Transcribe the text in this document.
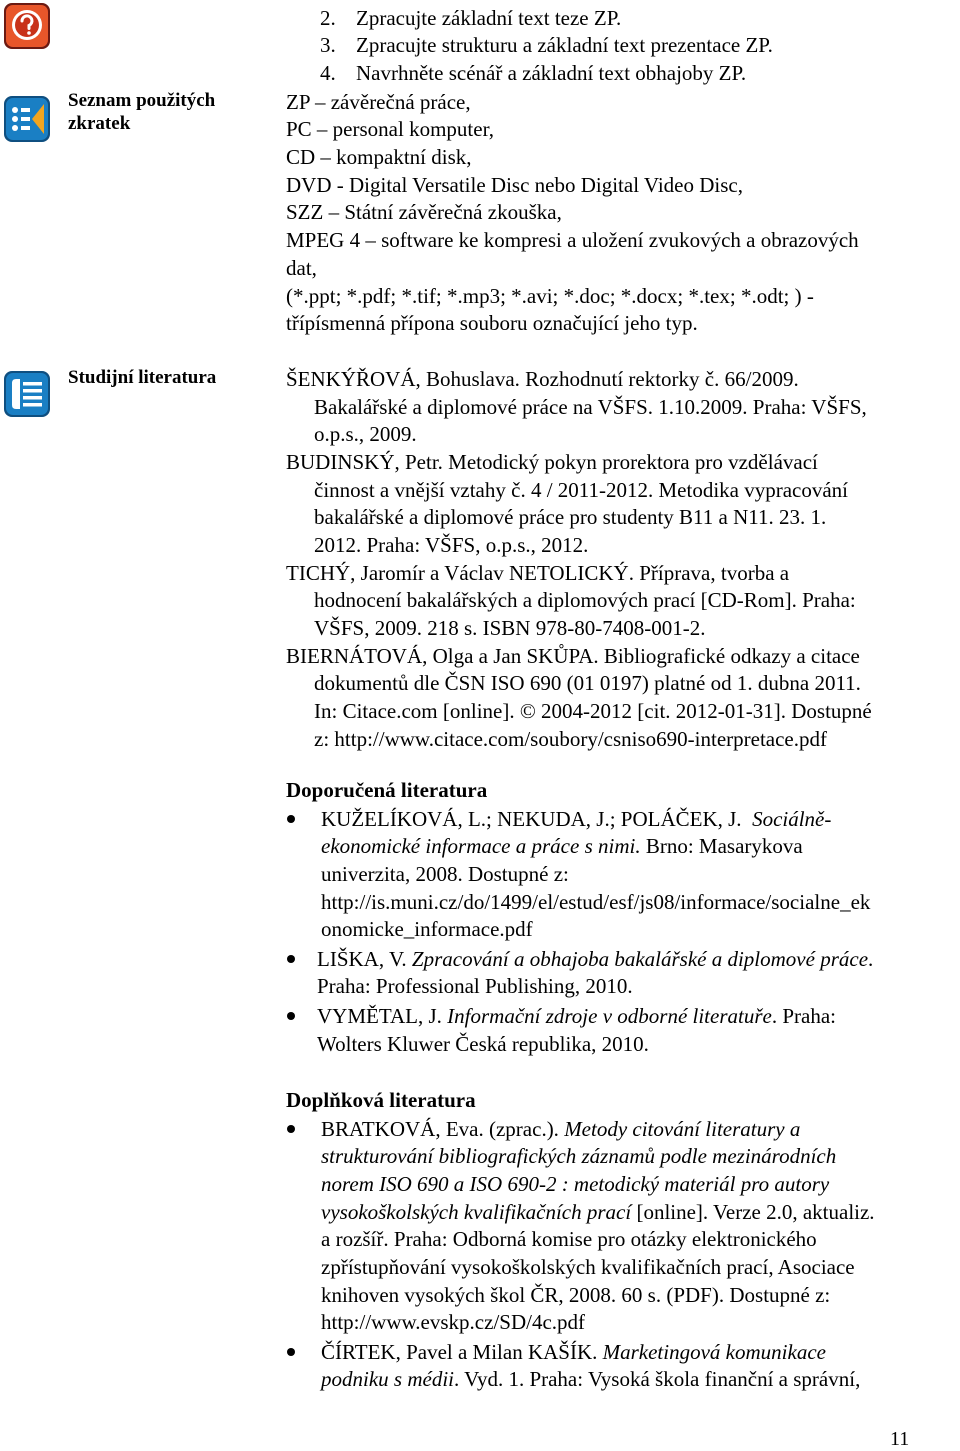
2. Zpracujte základní text teze ZP.
3. Zpracujte strukturu a základní text prezentace ZP.
4. Navrhněte scénář a základní text obhajoby ZP.
Seznam použitých
zkratek
ZP – závěrečná práce,
PC – personal komputer,
CD – kompaktní disk,
DVD - Digital Versatile Disc nebo Digital Video Disc,
SZZ – Státní závěrečná zkouška,
MPEG 4 – software ke kompresi a uložení zvukových a obrazových
dat,
(*.ppt; *.pdf; *.tif; *.mp3; *.avi; *.doc; *.docx; *.tex; *.odt; ) -
třípísmenná přípona souboru označující jeho typ.
Studijní literatura	ŠENKÝŘOVÁ, Bohuslava. Rozhodnutí rektorky č. 66/2009.
Bakalářské a diplomové práce na VŠFS. 1.10.2009. Praha: VŠFS,
o.p.s., 2009.
BUDINSKÝ, Petr. Metodický pokyn prorektora pro vzdělávací
činnost a vnější vztahy č. 4 / 2011-2012. Metodika vypracování
bakalářské a diplomové práce pro studenty B11 a N11. 23. 1.
2012. Praha: VŠFS, o.p.s., 2012.
TICHÝ, Jaromír a Václav NETOLICKÝ. Příprava, tvorba a
hodnocení bakalářských a diplomových prací [CD-Rom]. Praha:
VŠFS, 2009. 218 s. ISBN 978-80-7408-001-2.
BIERNÁTOVÁ, Olga a Jan SKŮPA. Bibliografické odkazy a citace
dokumentů dle ČSN ISO 690 (01 0197) platné od 1. dubna 2011.
In: Citace.com [online]. © 2004-2012 [cit. 2012-01-31]. Dostupné
z: http://www.citace.com/soubory/csniso690-interpretace.pdf
Doporučená literatura
KUŽELÍKOVÁ, L.; NEKUDA, J.; POLÁČEK, J. Sociálně-
ekonomické informace a práce s nimi. Brno: Masarykova
univerzita, 2008. Dostupné z:
http://is.muni.cz/do/1499/el/estud/esf/js08/informace/socialne_ek
onomicke_informace.pdf
LIŠKA, V. Zpracování a obhajoba bakalářské a diplomové práce.
Praha: Professional Publishing, 2010.
VYMĚTAL, J. Informační zdroje v odborné literatuře. Praha:
Wolters Kluwer Česká republika, 2010.
Doplňková literatura
BRATKOVÁ, Eva. (zprac.). Metody citování literatury a
strukturování bibliografických záznamů podle mezinárodních
norem ISO 690 a ISO 690-2 : metodický materiál pro autory
vysokoškolských kvalifikačních prací [online]. Verze 2.0, aktualiz.
a rozšíř. Praha: Odborná komise pro otázky elektronického
zpřístupňování vysokoškolských kvalifikačních prací, Asociace
knihoven vysokých škol ČR, 2008. 60 s. (PDF). Dostupné z:
http://www.evskp.cz/SD/4c.pdf
ČÍRTEK, Pavel a Milan KAŠÍK. Marketingová komunikace
podniku s médii. Vyd. 1. Praha: Vysoká škola finanční a správní,
11
